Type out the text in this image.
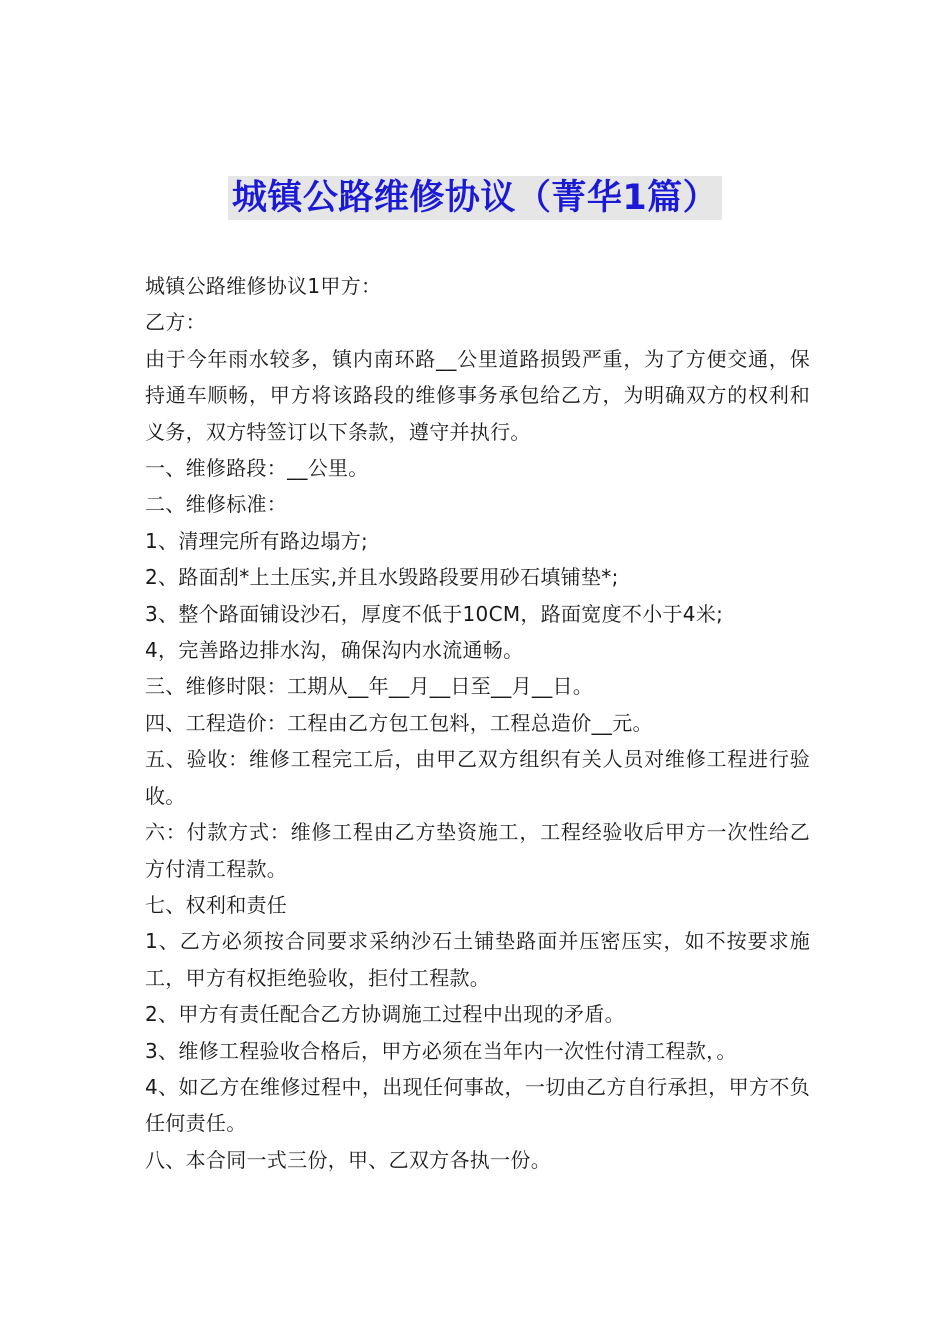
城镇公路维修协议（菁华1篇）

城镇公路维修协议1甲方：

乙方：

由于今年雨水较多，镇内南环路__公里道路损毁严重，为了方便交通，保持通车顺畅，甲方将该路段的维修事务承包给乙方，为明确双方的权利和义务，双方特签订以下条款，遵守并执行。

一、维修路段：__公里。

二、维修标准：

1、清理完所有路边塌方;

2、路面刮*上土压实,并且水毁路段要用砂石填铺垫*;

3、整个路面铺设沙石，厚度不低于10CM，路面宽度不小于4米;

4，完善路边排水沟，确保沟内水流通畅。

三、维修时限：工期从__年__月__日至__月__日。

四、工程造价：工程由乙方包工包料，工程总造价__元。

五、验收：维修工程完工后，由甲乙双方组织有关人员对维修工程进行验收。

六：付款方式：维修工程由乙方垫资施工，工程经验收后甲方一次性给乙方付清工程款。

七、权利和责任

1、乙方必须按合同要求采纳沙石土铺垫路面并压密压实，如不按要求施工，甲方有权拒绝验收，拒付工程款。

2、甲方有责任配合乙方协调施工过程中出现的矛盾。

3、维修工程验收合格后，甲方必须在当年内一次性付清工程款，。

4、如乙方在维修过程中，出现任何事故，一切由乙方自行承担，甲方不负任何责任。

八、本合同一式三份，甲、乙双方各执一份。
